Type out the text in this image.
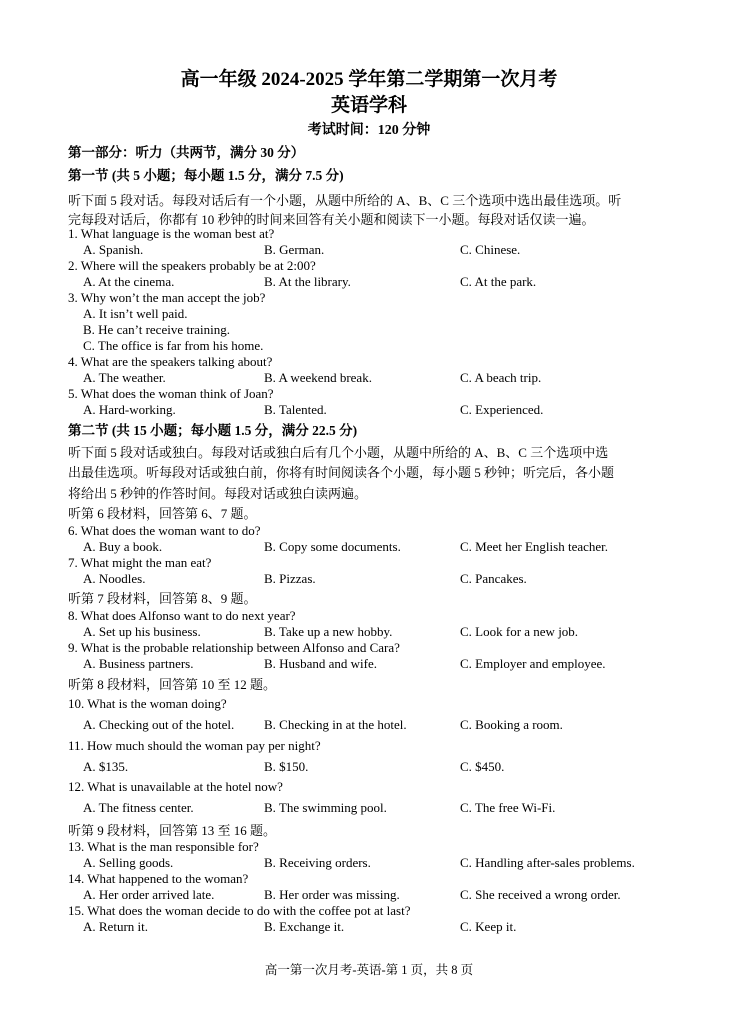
高一年级 2024-2025 学年第二学期第一次月考
英语学科
考试时间：120 分钟
第一部分：听力（共两节，满分 30 分）
第一节 (共 5 小题；每小题 1.5 分，满分 7.5 分)
听下面 5 段对话。每段对话后有一个小题，从题中所给的 A、B、C 三个选项中选出最佳选项。听
完每段对话后，你都有 10 秒钟的时间来回答有关小题和阅读下一小题。每段对话仅读一遍。
1. What language is the woman best at?
A. Spanish.	B. German.	C. Chinese.
2. Where will the speakers probably be at 2:00?
A. At the cinema.	B. At the library.	C. At the park.
3. Why won’t the man accept the job?
A. It isn’t well paid.
B. He can’t receive training.
C. The office is far from his home.
4. What are the speakers talking about?
A. The weather.	B. A weekend break.	C. A beach trip.
5. What does the woman think of Joan?
A. Hard-working.	B. Talented.	C. Experienced.
第二节 (共 15 小题；每小题 1.5 分，满分 22.5 分)
听下面 5 段对话或独白。每段对话或独白后有几个小题，从题中所给的 A、B、C 三个选项中选
出最佳选项。听每段对话或独白前，你将有时间阅读各个小题，每小题 5 秒钟；听完后，各小题
将给出 5 秒钟的作答时间。每段对话或独白读两遍。
听第 6 段材料，回答第 6、7 题。
6. What does the woman want to do?
A. Buy a book.	B. Copy some documents.	C. Meet her English teacher.
7. What might the man eat?
A. Noodles.	B. Pizzas.	C. Pancakes.
听第 7 段材料，回答第 8、9 题。
8. What does Alfonso want to do next year?
A. Set up his business.	B. Take up a new hobby.	C. Look for a new job.
9. What is the probable relationship between Alfonso and Cara?
A. Business partners.	B. Husband and wife.	C. Employer and employee.
听第 8 段材料，回答第 10 至 12 题。
10. What is the woman doing?
A. Checking out of the hotel. B. Checking in at the hotel.	C. Booking a room.
11. How much should the woman pay per night?
A. $135.	B. $150.	C. $450.
12. What is unavailable at the hotel now?
A. The fitness center.	B. The swimming pool.	C. The free Wi-Fi.
听第 9 段材料，回答第 13 至 16 题。
13. What is the man responsible for?
A. Selling goods.	B. Receiving orders.	C. Handling after-sales problems.
14. What happened to the woman?
A. Her order arrived late.	B. Her order was missing.	C. She received a wrong order.
15. What does the woman decide to do with the coffee pot at last?
A. Return it.	B. Exchange it.	C. Keep it.
高一第一次月考-英语-第 1 页，共 8 页
